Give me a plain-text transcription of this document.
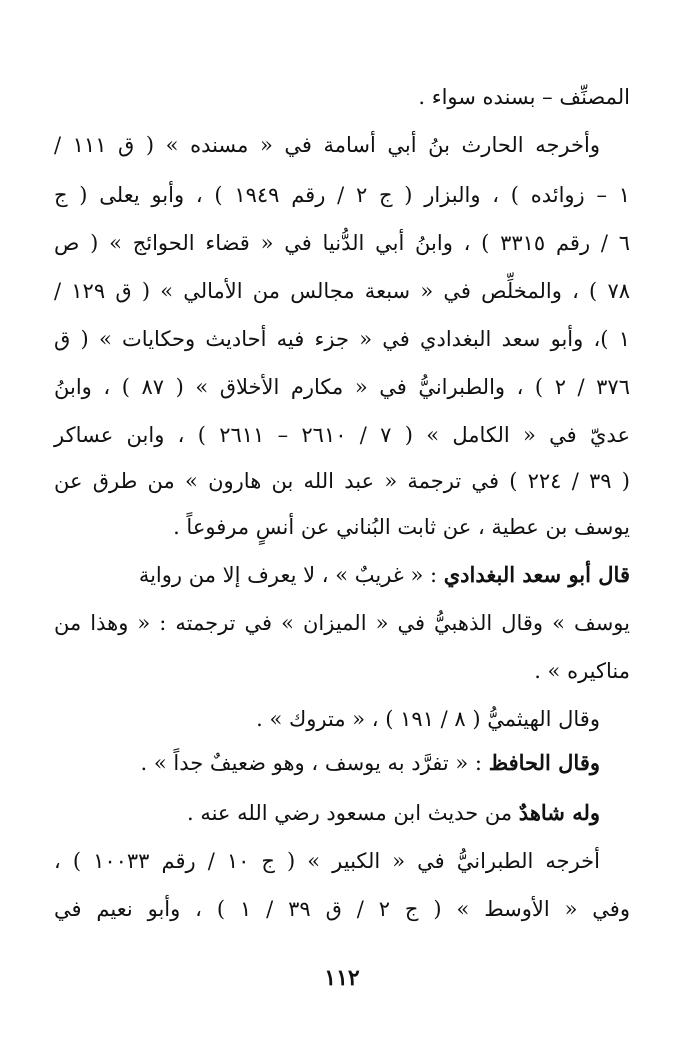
المصنِّف – بسنده سواء .
وأخرجه الحارث بنُ أبي أسامة في « مسنده » ( ق ١١١ /
١ – زوائده ) ، والبزار ( ج ٢ / رقم ١٩٤٩ ) ، وأبو يعلى ( ج
٦ / رقم ٣٣١٥ ) ، وابنُ أبي الدُّنيا في « قضاء الحوائج » ( ص
٧٨ ) ، والمخلِّص في « سبعة مجالس من الأمالي » ( ق ١٢٩ /
١ )، وأبو سعد البغدادي في « جزء فيه أحاديث وحكايات » ( ق
٣٧٦ / ٢ ) ، والطبرانيُّ في « مكارم الأخلاق » ( ٨٧ ) ، وابنُ
عديّ في « الكامل » ( ٧ / ٢٦١٠ – ٢٦١١ ) ، وابن عساكر
( ٣٩ / ٢٢٤ ) في ترجمة « عبد الله بن هارون » من طرق عن
يوسف بن عطية ، عن ثابت البُناني عن أنسٍ مرفوعاً .
قال أبو سعد البغدادي : « غريبٌ » ، لا يعرف إلا من رواية
يوسف » وقال الذهبيُّ في « الميزان » في ترجمته : « وهذا من
مناكيره » .
وقال الهيثميُّ ( ٨ / ١٩١ ) ، « متروك » .
وقال الحافظ : « تفرَّد به يوسف ، وهو ضعيفٌ جداً » .
وله شاهدٌ من حديث ابن مسعود رضي الله عنه .
أخرجه الطبرانيُّ في « الكبير » ( ج ١٠ / رقم ١٠٠٣٣ ) ،
وفي « الأوسط » ( ج ٢ / ق ٣٩ / ١ ) ، وأبو نعيم في
١١٢
